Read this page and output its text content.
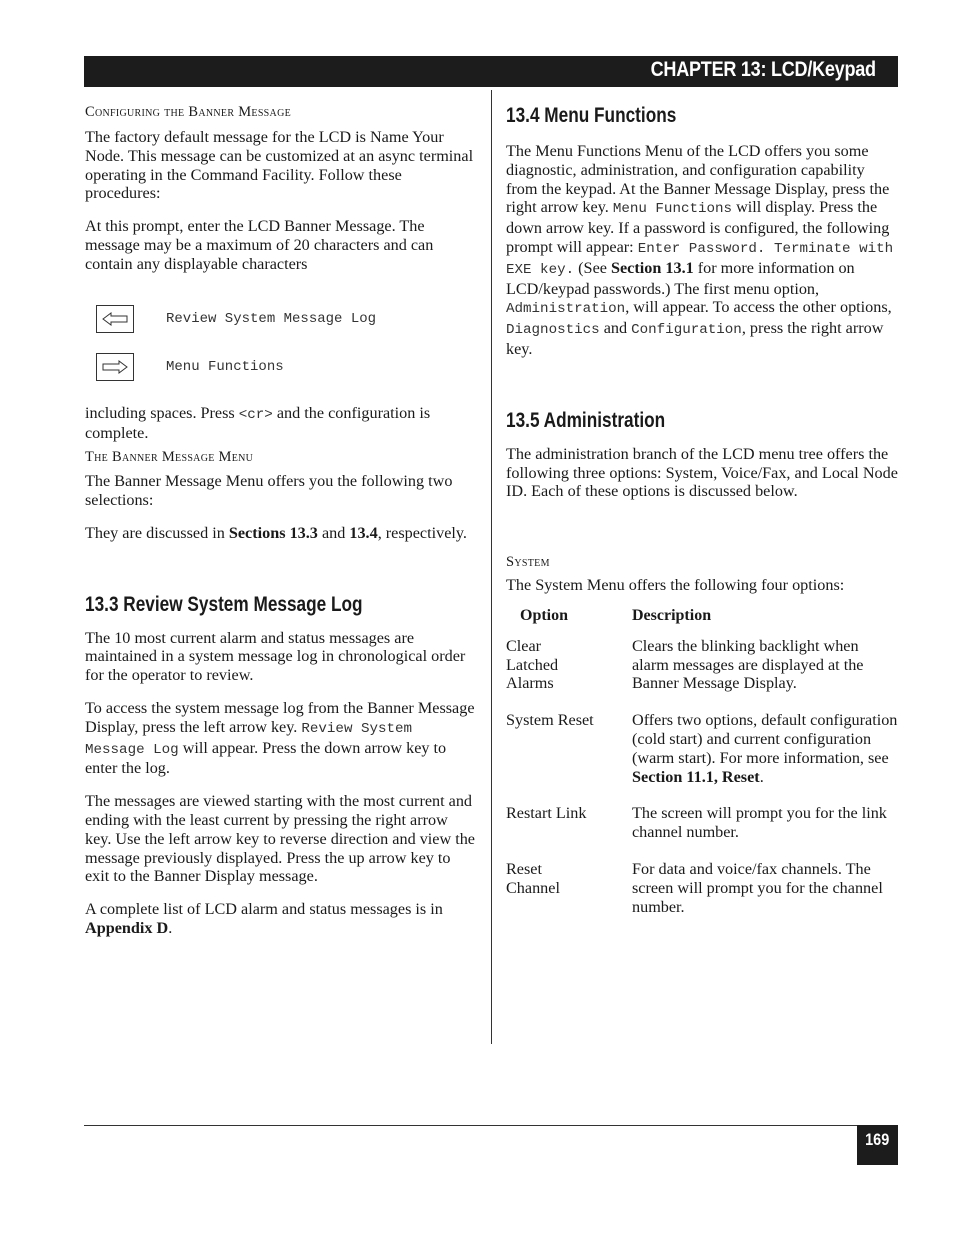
CHAPTER 13: LCD/Keypad
Configuring the Banner Message

The factory default message for the LCD is Name Your Node. This message can be customized at an async terminal operating in the Command Facility. Follow these procedures:

At this prompt, enter the LCD Banner Message. The message may be a maximum of 20 characters and can contain any displayable characters

Review System Message Log
Menu Functions

including spaces. Press <cr> and the configuration is complete.

The Banner Message Menu

The Banner Message Menu offers you the following two selections:

They are discussed in Sections 13.3 and 13.4, respectively.

13.3 Review System Message Log

The 10 most current alarm and status messages are maintained in a system message log in chronological order for the operator to review.

To access the system message log from the Banner Message Display, press the left arrow key. Review System Message Log will appear. Press the down arrow key to enter the log.

The messages are viewed starting with the most current and ending with the least current by pressing the right arrow key. Use the left arrow key to reverse direction and view the message previously displayed. Press the up arrow key to exit to the Banner Display message.

A complete list of LCD alarm and status messages is in Appendix D.

13.4 Menu Functions

The Menu Functions Menu of the LCD offers you some diagnostic, administration, and configuration capability from the keypad. At the Banner Message Display, press the right arrow key. Menu Functions will display. Press the down arrow key. If a password is configured, the following prompt will appear: Enter Password. Terminate with EXE key. (See Section 13.1 for more information on LCD/keypad passwords.) The first menu option, Administration, will appear. To access the other options, Diagnostics and Configuration, press the right arrow key.

13.5 Administration

The administration branch of the LCD menu tree offers the following three options: System, Voice/Fax, and Local Node ID. Each of these options is discussed below.

System

The System Menu offers the following four options:

Option	Description

Clear
Latched
Alarms	Clears the blinking backlight when alarm messages are displayed at the Banner Message Display.

System Reset	Offers two options, default configuration (cold start) and current configuration (warm start). For more information, see
Section 11.1, Reset.

Restart Link	The screen will prompt you for the link channel number.

Reset
Channel	For data and voice/fax channels. The screen will prompt you for the channel number.
169
